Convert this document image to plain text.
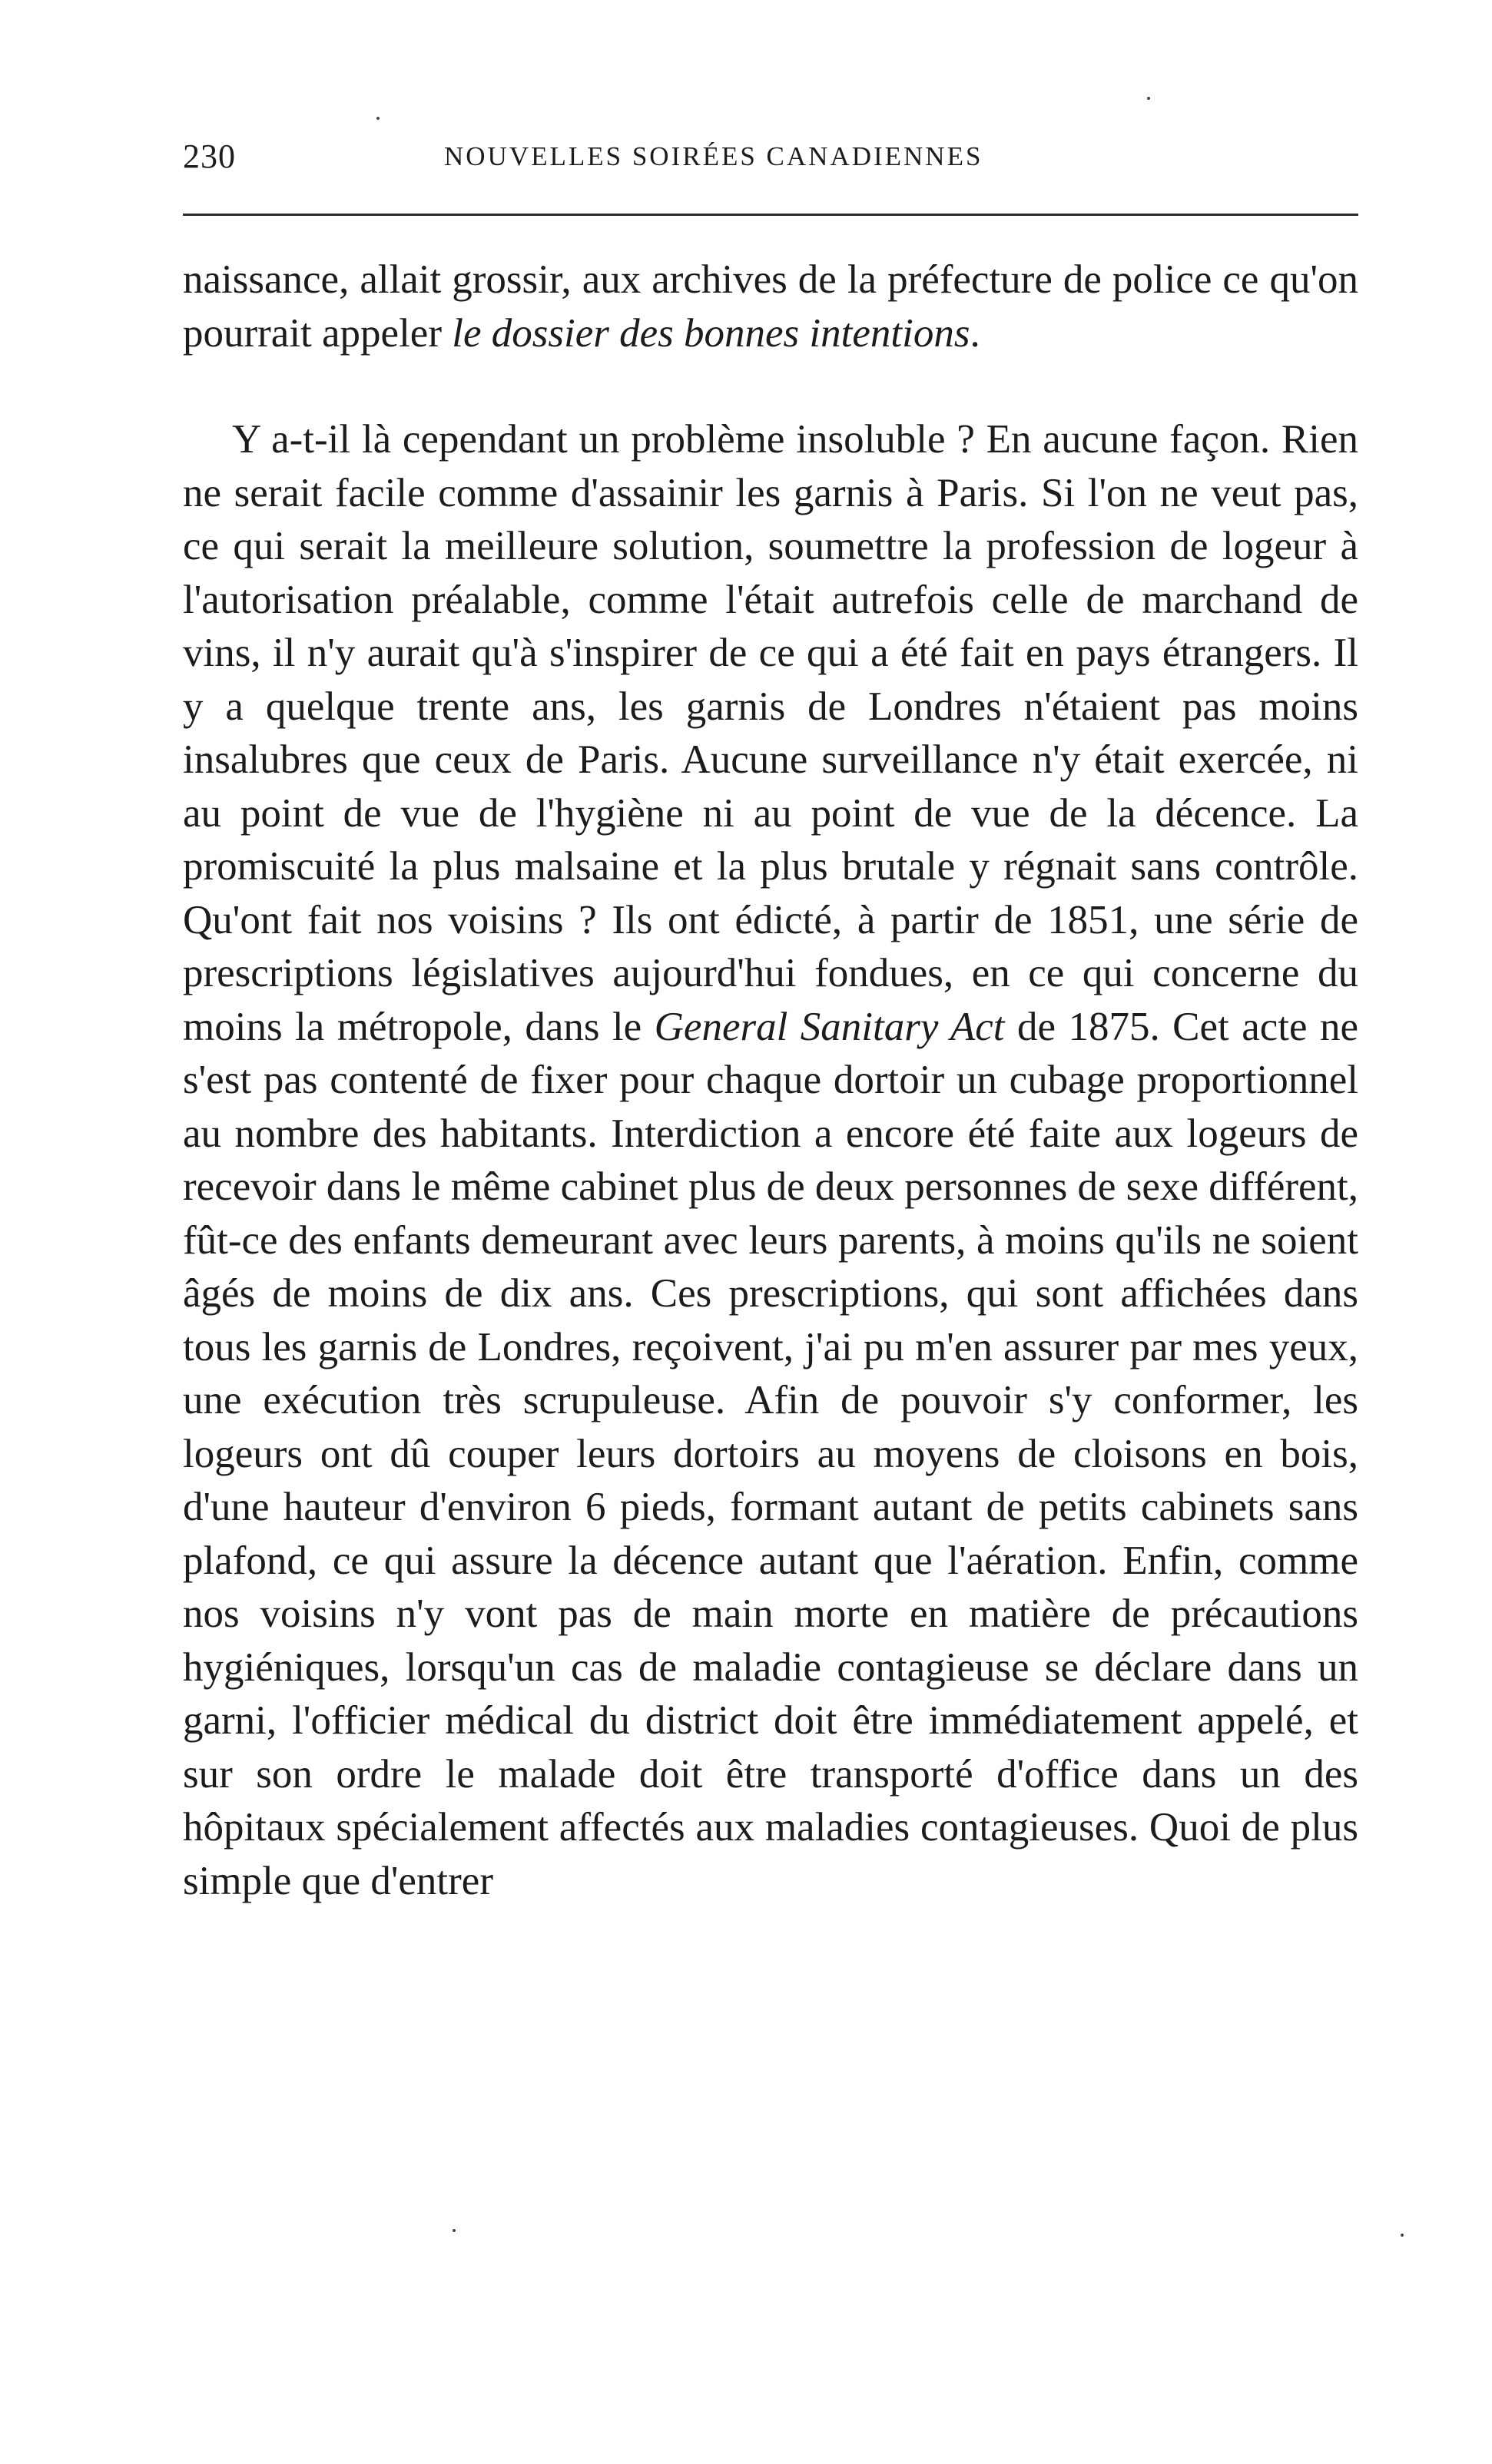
230	NOUVELLES SOIRÉES CANADIENNES

naissance, allait grossir, aux archives de la préfecture de police ce qu'on pourrait appeler le dossier des bonnes intentions.

Y a-t-il là cependant un problème insoluble ? En aucune façon. Rien ne serait facile comme d'assainir les garnis à Paris. Si l'on ne veut pas, ce qui serait la meilleure solution, soumettre la profession de logeur à l'autorisation préalable, comme l'était autrefois celle de marchand de vins, il n'y aurait qu'à s'inspirer de ce qui a été fait en pays étrangers. Il y a quelque trente ans, les garnis de Londres n'étaient pas moins insalubres que ceux de Paris. Aucune surveillance n'y était exercée, ni au point de vue de l'hygiène ni au point de vue de la décence. La promiscuité la plus malsaine et la plus brutale y régnait sans contrôle. Qu'ont fait nos voisins ? Ils ont édicté, à partir de 1851, une série de prescriptions législatives aujourd'hui fondues, en ce qui concerne du moins la métropole, dans le General Sanitary Act de 1875. Cet acte ne s'est pas contenté de fixer pour chaque dortoir un cubage proportionnel au nombre des habitants. Interdiction a encore été faite aux logeurs de recevoir dans le même cabinet plus de deux personnes de sexe différent, fût-ce des enfants demeurant avec leurs parents, à moins qu'ils ne soient âgés de moins de dix ans. Ces prescriptions, qui sont affichées dans tous les garnis de Londres, reçoivent, j'ai pu m'en assurer par mes yeux, une exécution très scrupuleuse. Afin de pouvoir s'y conformer, les logeurs ont dû couper leurs dortoirs au moyens de cloisons en bois, d'une hauteur d'environ 6 pieds, formant autant de petits cabinets sans plafond, ce qui assure la décence autant que l'aération. Enfin, comme nos voisins n'y vont pas de main morte en matière de précautions hygiéniques, lorsqu'un cas de maladie contagieuse se déclare dans un garni, l'officier médical du district doit être immédiatement appelé, et sur son ordre le malade doit être transporté d'office dans un des hôpitaux spécialement affectés aux maladies contagieuses. Quoi de plus simple que d'entrer
